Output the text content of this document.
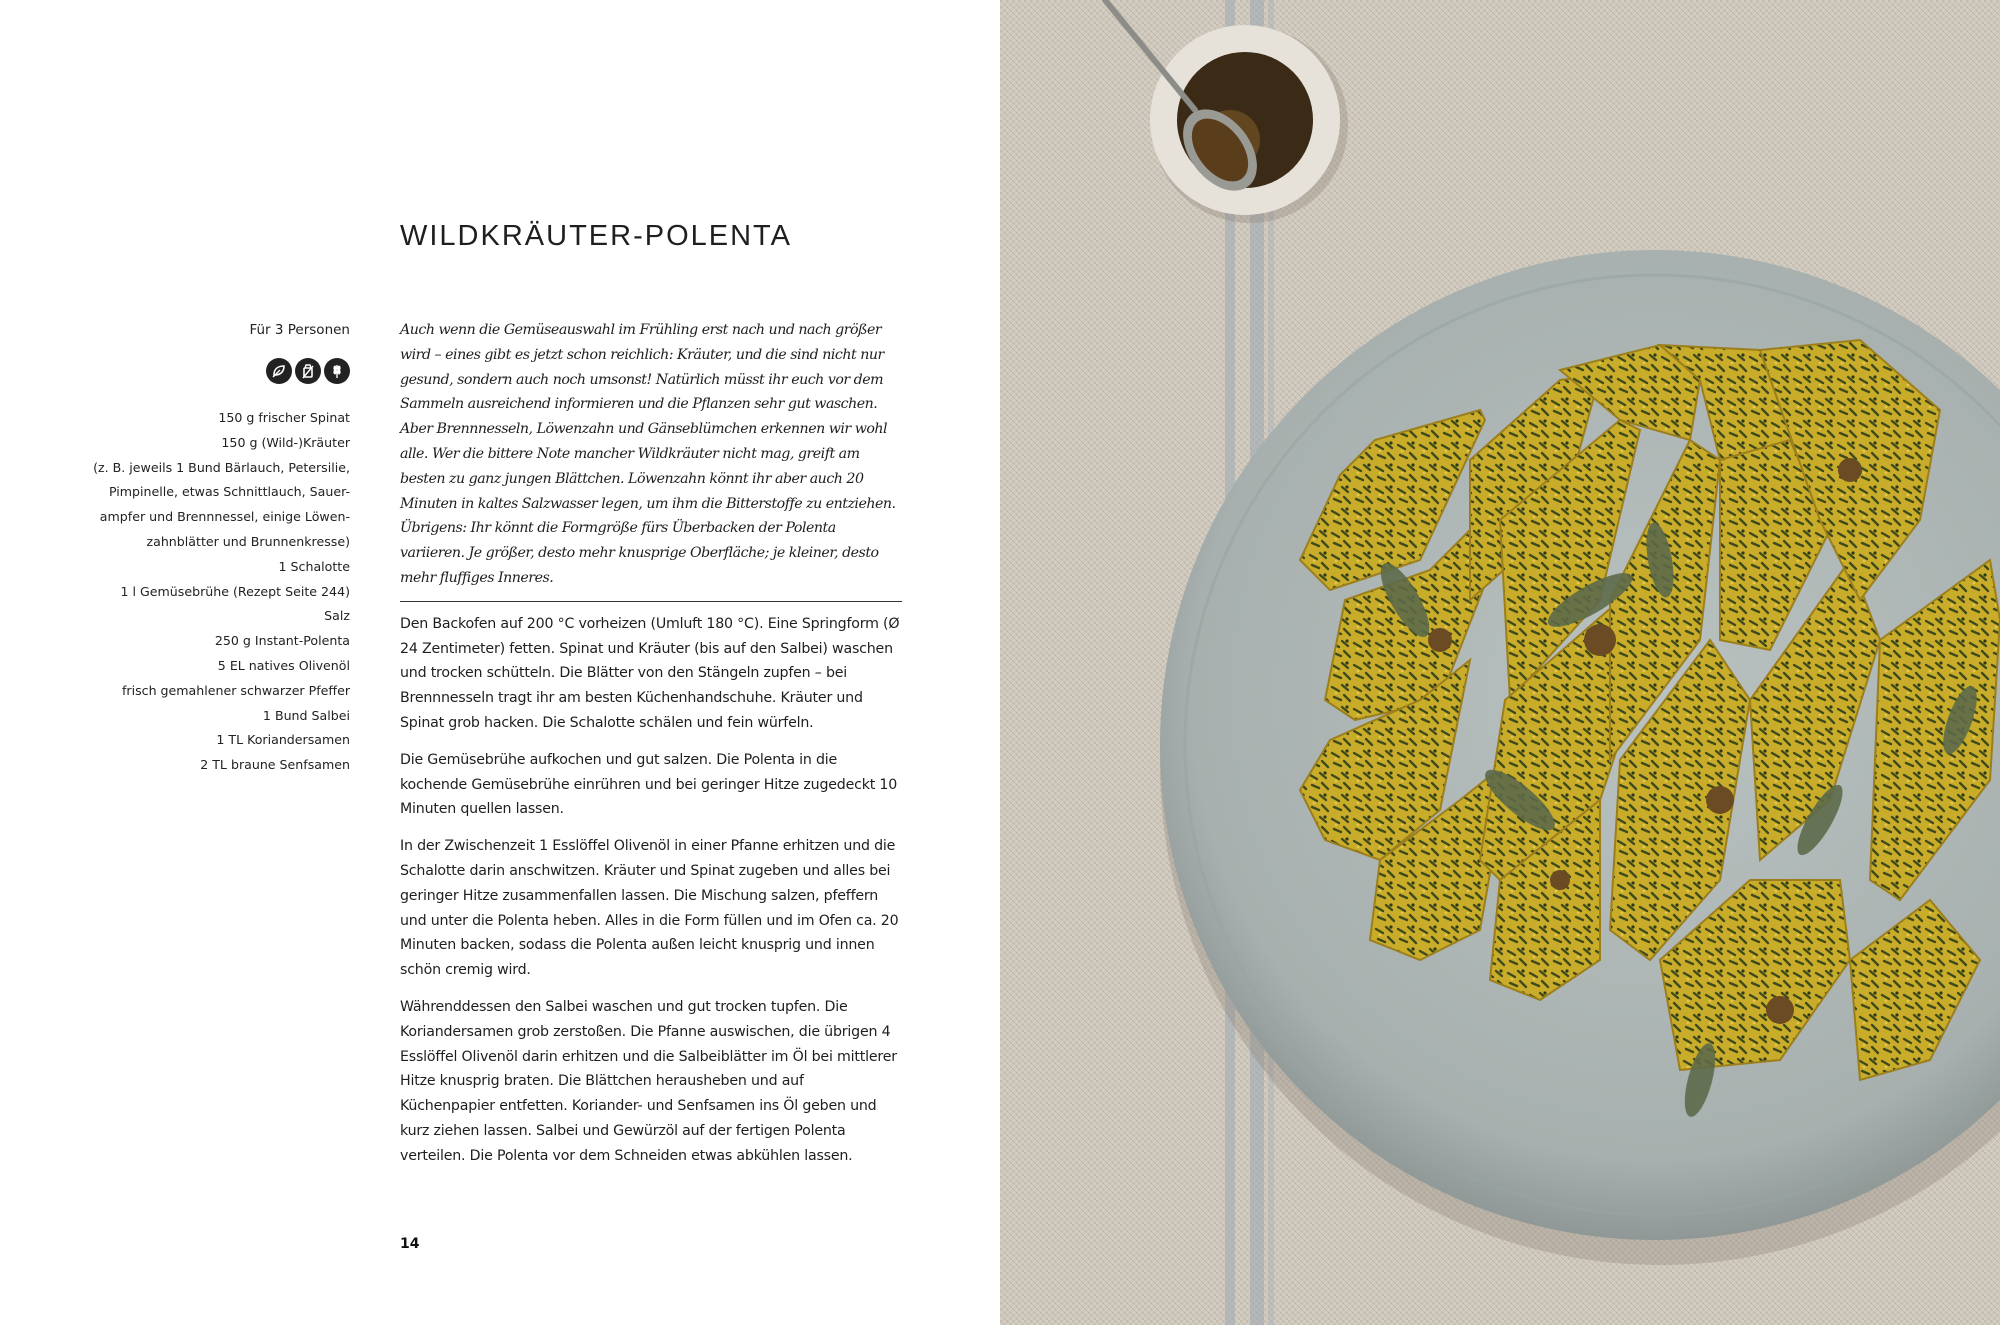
WILDKRÄUTER-POLENTA

Für 3 Personen

150 g frischer Spinat
150 g (Wild-)Kräuter
(z. B. jeweils 1 Bund Bärlauch, Petersilie,
Pimpinelle, etwas Schnittlauch, Sauer-
ampfer und Brennnessel, einige Löwen-
zahnblätter und Brunnenkresse)
1 Schalotte
1 l Gemüsebrühe (Rezept Seite 244)
Salz
250 g Instant-Polenta
5 EL natives Olivenöl
frisch gemahlener schwarzer Pfeffer
1 Bund Salbei
1 TL Koriandersamen
2 TL braune Senfsamen

Auch wenn die Gemüseauswahl im Frühling erst nach und nach größer wird – eines gibt es jetzt schon reichlich: Kräuter, und die sind nicht nur gesund, sondern auch noch umsonst! Natürlich müsst ihr euch vor dem Sammeln ausreichend informieren und die Pflanzen sehr gut waschen. Aber Brennnesseln, Löwenzahn und Gänseblümchen erkennen wir wohl alle. Wer die bittere Note mancher Wildkräuter nicht mag, greift am besten zu ganz jungen Blättchen. Löwenzahn könnt ihr aber auch 20 Minuten in kaltes Salzwasser legen, um ihm die Bitterstoffe zu entziehen. Übrigens: Ihr könnt die Formgröße fürs Überbacken der Polenta variieren. Je größer, desto mehr knusprige Oberfläche; je kleiner, desto mehr fluffiges Inneres.

Den Backofen auf 200 °C vorheizen (Umluft 180 °C). Eine Springform (Ø 24 Zentimeter) fetten. Spinat und Kräuter (bis auf den Salbei) waschen und trocken schütteln. Die Blätter von den Stängeln zupfen – bei Brennnesseln tragt ihr am besten Küchenhandschuhe. Kräuter und Spinat grob hacken. Die Schalotte schälen und fein würfeln.

Die Gemüsebrühe aufkochen und gut salzen. Die Polenta in die kochende Gemüsebrühe einrühren und bei geringer Hitze zugedeckt 10 Minuten quellen lassen.

In der Zwischenzeit 1 Esslöffel Olivenöl in einer Pfanne erhitzen und die Schalotte darin anschwitzen. Kräuter und Spinat zugeben und alles bei geringer Hitze zusammenfallen lassen. Die Mischung salzen, pfeffern und unter die Polenta heben. Alles in die Form füllen und im Ofen ca. 20 Minuten backen, sodass die Polenta außen leicht knusprig und innen schön cremig wird.

Währenddessen den Salbei waschen und gut trocken tupfen. Die Koriandersamen grob zerstoßen. Die Pfanne auswischen, die übrigen 4 Esslöffel Olivenöl darin erhitzen und die Salbeiblätter im Öl bei mittlerer Hitze knusprig braten. Die Blättchen herausheben und auf Küchenpapier entfetten. Koriander- und Senfsamen ins Öl geben und kurz ziehen lassen. Salbei und Gewürzöl auf der fertigen Polenta verteilen. Die Polenta vor dem Schneiden etwas abkühlen lassen.

14
